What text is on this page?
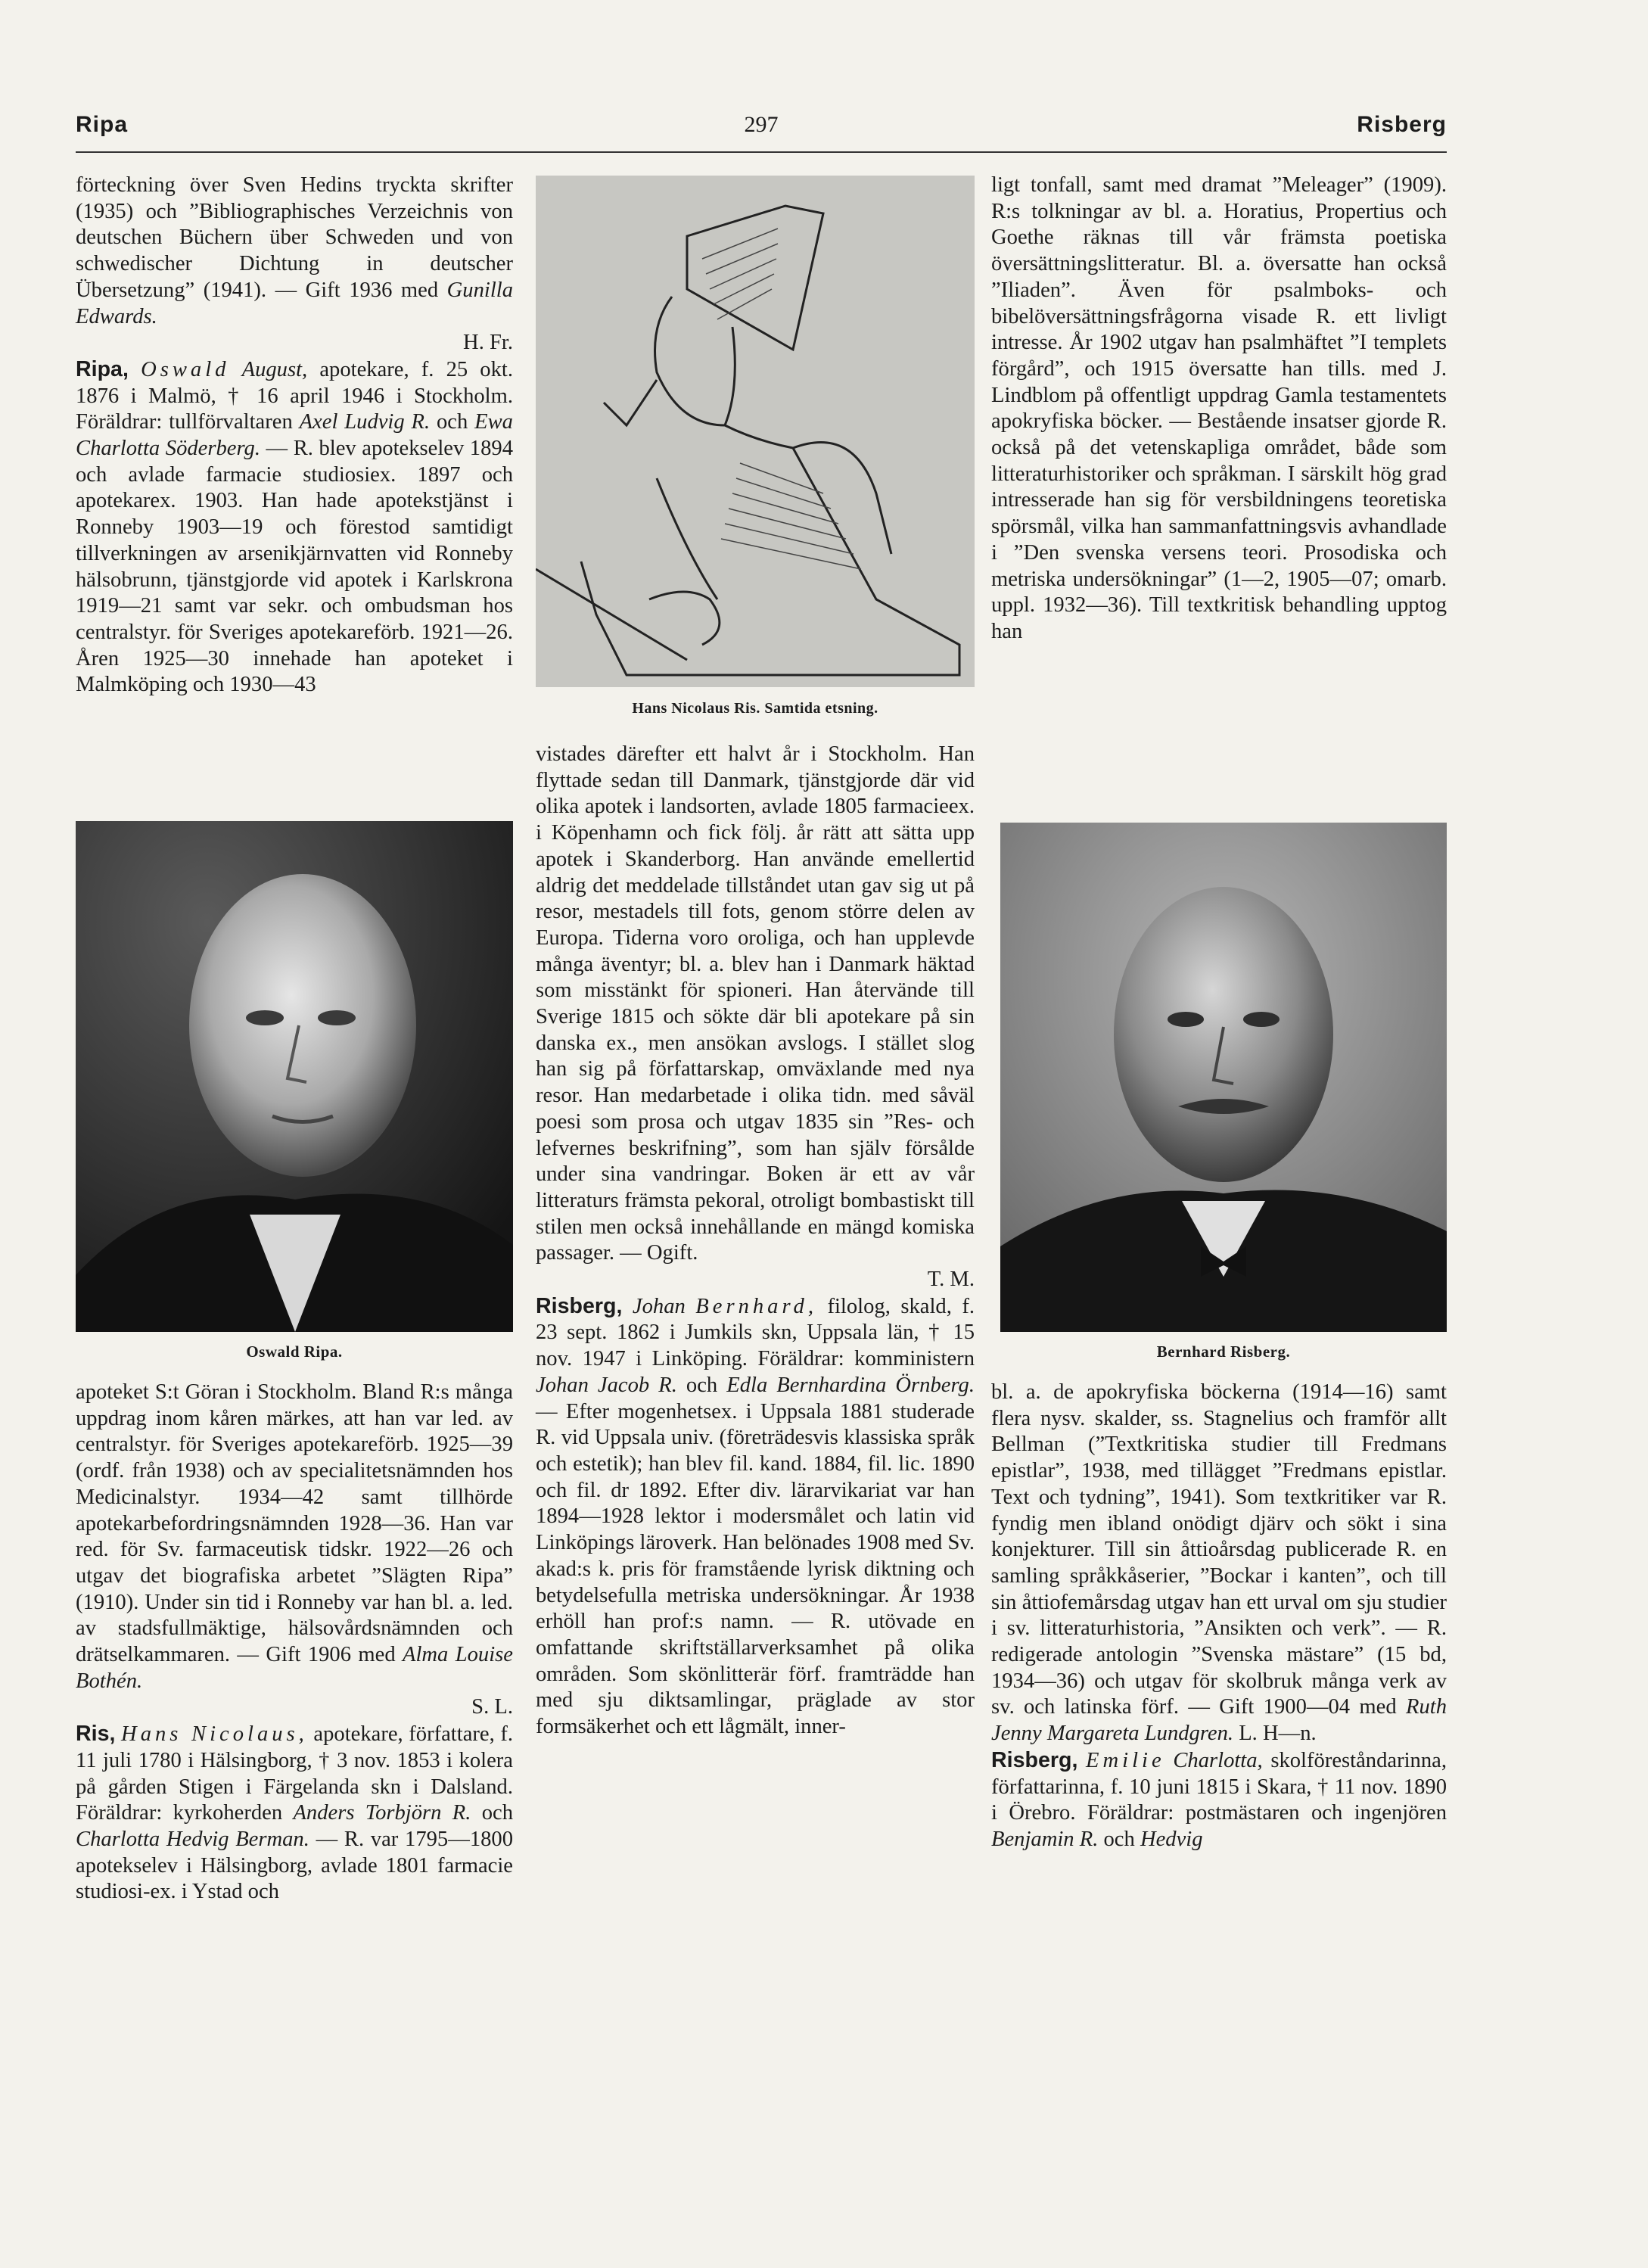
Ripa	297	Risberg

förteckning över Sven Hedins tryckta skrifter (1935) och ”Bibliographisches Verzeichnis von deutschen Büchern über Schweden und von schwedischer Dichtung in deutscher Übersetzung” (1941). — Gift 1936 med Gunilla Edwards.
H. Fr.
Ripa, Oswald August, apotekare, f. 25 okt. 1876 i Malmö, † 16 april 1946 i Stockholm. Föräldrar: tullförvaltaren Axel Ludvig R. och Ewa Charlotta Söderberg. — R. blev apotekselev 1894 och avlade farmacie studiosiex. 1897 och apotekarex. 1903. Han hade apotekstjänst i Ronneby 1903—19 och förestod samtidigt tillverkningen av arsenikjärnvatten vid Ronneby hälsobrunn, tjänstgjorde vid apotek i Karlskrona 1919—21 samt var sekr. och ombudsman hos centralstyr. för Sveriges apotekareförb. 1921—26. Åren 1925—30 innehade han apoteket i Malmköping och 1930—43

Oswald Ripa.

apoteket S:t Göran i Stockholm. Bland R:s många uppdrag inom kåren märkes, att han var led. av centralstyr. för Sveriges apotekareförb. 1925—39 (ordf. från 1938) och av specialitetsnämnden hos Medicinalstyr. 1934—42 samt tillhörde apotekarbefordringsnämnden 1928—36. Han var red. för Sv. farmaceutisk tidskr. 1922—26 och utgav det biografiska arbetet ”Slägten Ripa” (1910). Under sin tid i Ronneby var han bl. a. led. av stadsfullmäktige, hälsovårdsnämnden och drätselkammaren. — Gift 1906 med Alma Louise Bothén.
S. L.
Ris, Hans Nicolaus, apotekare, författare, f. 11 juli 1780 i Hälsingborg, † 3 nov. 1853 i kolera på gården Stigen i Färgelanda skn i Dalsland. Föräldrar: kyrkoherden Anders Torbjörn R. och Charlotta Hedvig Berman. — R. var 1795—1800 apotekselev i Hälsingborg, avlade 1801 farmacie studiosi-ex. i Ystad och

Hans Nicolaus Ris. Samtida etsning.

vistades därefter ett halvt år i Stockholm. Han flyttade sedan till Danmark, tjänstgjorde där vid olika apotek i landsorten, avlade 1805 farmacieex. i Köpenhamn och fick följ. år rätt att sätta upp apotek i Skanderborg. Han använde emellertid aldrig det meddelade tillståndet utan gav sig ut på resor, mestadels till fots, genom större delen av Europa. Tiderna voro oroliga, och han upplevde många äventyr; bl. a. blev han i Danmark häktad som misstänkt för spioneri. Han återvände till Sverige 1815 och sökte där bli apotekare på sin danska ex., men ansökan avslogs. I stället slog han sig på författarskap, omväxlande med nya resor. Han medarbetade i olika tidn. med såväl poesi som prosa och utgav 1835 sin ”Res- och lefvernes beskrifning”, som han själv försålde under sina vandringar. Boken är ett av vår litteraturs främsta pekoral, otroligt bombastiskt till stilen men också innehållande en mängd komiska passager. — Ogift.
T. M.
Risberg, Johan Bernhard, filolog, skald, f. 23 sept. 1862 i Jumkils skn, Uppsala län, † 15 nov. 1947 i Linköping. Föräldrar: komministern Johan Jacob R. och Edla Bernhardina Örnberg. — Efter mogenhetsex. i Uppsala 1881 studerade R. vid Uppsala univ. (företrädesvis klassiska språk och estetik); han blev fil. kand. 1884, fil. lic. 1890 och fil. dr 1892. Efter div. lärarvikariat var han 1894—1928 lektor i modersmålet och latin vid Linköpings läroverk. Han belönades 1908 med Sv. akad:s k. pris för framstående lyrisk diktning och betydelsefulla metriska undersökningar. År 1938 erhöll han prof:s namn. — R. utövade en omfattande skriftställarverksamhet på olika områden. Som skönlitterär förf. framträdde han med sju diktsamlingar, präglade av stor formsäkerhet och ett lågmält, inner-

ligt tonfall, samt med dramat ”Meleager” (1909). R:s tolkningar av bl. a. Horatius, Propertius och Goethe räknas till vår främsta poetiska översättningslitteratur. Bl. a. översatte han också ”Iliaden”. Även för psalmboks- och bibelöversättningsfrågorna visade R. ett livligt intresse. År 1902 utgav han psalmhäftet ”I templets förgård”, och 1915 översatte han tills. med J. Lindblom på offentligt uppdrag Gamla testamentets apokryfiska böcker. — Bestående insatser gjorde R. också på det vetenskapliga området, både som litteraturhistoriker och språkman. I särskilt hög grad intresserade han sig för versbildningens teoretiska spörsmål, vilka han sammanfattningsvis avhandlade i ”Den svenska versens teori. Prosodiska och metriska undersökningar” (1—2, 1905—07; omarb. uppl. 1932—36). Till textkritisk behandling upptog han

Bernhard Risberg.

bl. a. de apokryfiska böckerna (1914—16) samt flera nysv. skalder, ss. Stagnelius och framför allt Bellman (”Textkritiska studier till Fredmans epistlar”, 1938, med tillägget ”Fredmans epistlar. Text och tydning”, 1941). Som textkritiker var R. fyndig men ibland onödigt djärv och sökt i sina konjekturer. Till sin åttioårsdag publicerade R. en samling språkkåserier, ”Bockar i kanten”, och till sin åttiofemårsdag utgav han ett urval om sju studier i sv. litteraturhistoria, ”Ansikten och verk”. — R. redigerade antologin ”Svenska mästare” (15 bd, 1934—36) och utgav för skolbruk många verk av sv. och latinska förf. — Gift 1900—04 med Ruth Jenny Margareta Lundgren. L. H—n.
Risberg, Emilie Charlotta, skolföreståndarinna, författarinna, f. 10 juni 1815 i Skara, † 11 nov. 1890 i Örebro. Föräldrar: postmästaren och ingenjören Benjamin R. och Hedvig
